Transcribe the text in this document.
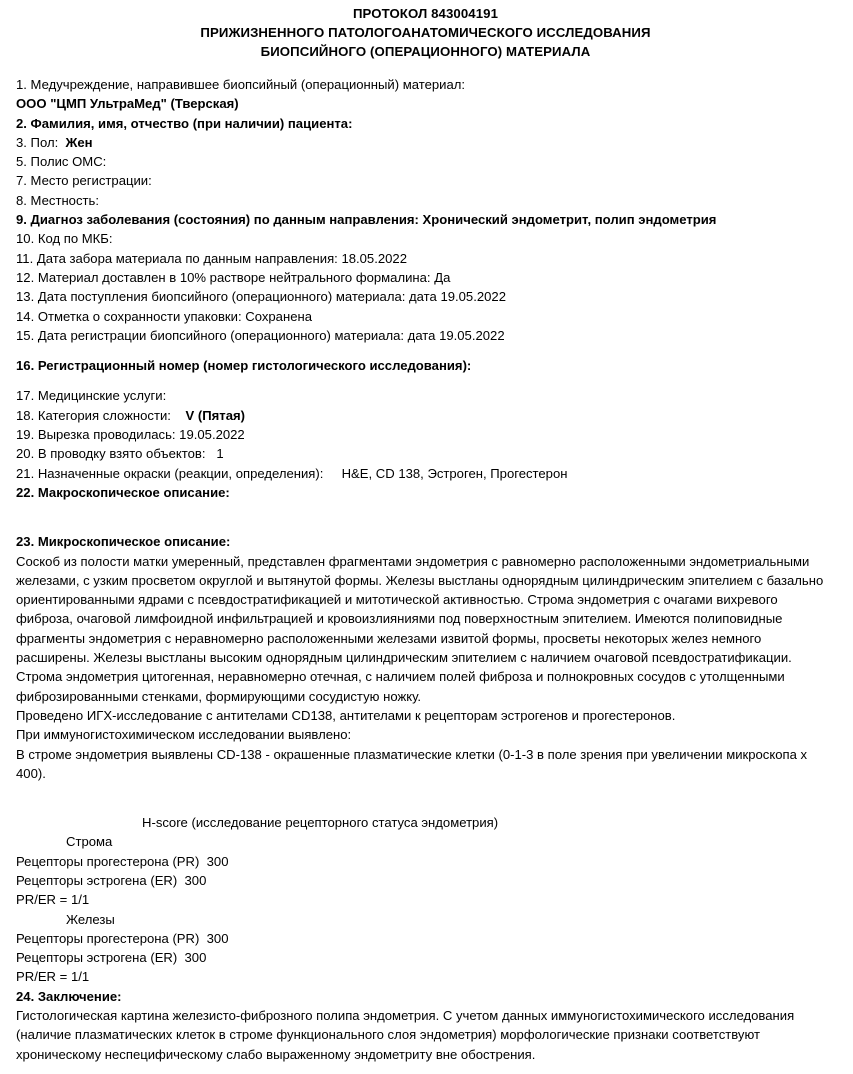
ПРОТОКОЛ 843004191
ПРИЖИЗНЕННОГО ПАТОЛОГОАНАТОМИЧЕСКОГО ИССЛЕДОВАНИЯ
БИОПСИЙНОГО (ОПЕРАЦИОННОГО) МАТЕРИАЛА
1. Медучреждение, направившее биопсийный (операционный) материал:
ООО "ЦМП УльтраМед" (Тверская)
2. Фамилия, имя, отчество (при наличии) пациента:
3. Пол: Жен
5. Полис ОМС:
7. Место регистрации:
8. Местность:
9. Диагноз заболевания (состояния) по данным направления: Хронический эндометрит, полип эндометрия
10. Код по МКБ:
11. Дата забора материала по данным направления: 18.05.2022
12. Материал доставлен в 10% растворе нейтрального формалина: Да
13. Дата поступления биопсийного (операционного) материала: дата 19.05.2022
14. Отметка о сохранности упаковки: Сохранена
15. Дата регистрации биопсийного (операционного) материала: дата 19.05.2022
16. Регистрационный номер (номер гистологического исследования):
17. Медицинские услуги:
18. Категория сложности: V (Пятая)
19. Вырезка проводилась: 19.05.2022
20. В проводку взято объектов:   1
21. Назначенные окраски (реакции, определения):     H&E, CD 138, Эстроген, Прогестерон
22. Макроскопическое описание:
23. Микроскопическое описание:
Соскоб из полости матки умеренный, представлен фрагментами эндометрия с равномерно расположенными эндометриальными железами, с узким просветом округлой и вытянутой формы. Железы выстланы однорядным цилиндрическим эпителием с базально ориентированными ядрами с псевдостратификацией и митотической активностью. Строма эндометрия с очагами вихревого фиброза, очаговой лимфоидной инфильтрацией и кровоизлияниями под поверхностным эпителием. Имеются полиповидные фрагменты эндометрия с неравномерно расположенными железами извитой формы, просветы некоторых желез немного расширены. Железы выстланы высоким однорядным цилиндрическим эпителием с наличием очаговой псевдостратификации. Строма эндометрия цитогенная, неравномерно отечная, с наличием полей фиброза и полнокровных сосудов с утолщенными фиброзированными стенками, формирующими сосудистую ножку.
Проведено ИГХ-исследование с антителами CD138, антителами к рецепторам эстрогенов и прогестеронов.
При иммуногистохимическом исследовании выявлено:
В строме эндометрия выявлены CD-138 - окрашенные плазматические клетки (0-1-3 в поле зрения при увеличении микроскопа х 400).
H-score (исследование рецепторного статуса эндометрия)
Строма
Рецепторы прогестерона (PR)  300
Рецепторы эстрогена (ER)  300
PR/ER = 1/1
Железы
Рецепторы прогестерона (PR)  300
Рецепторы эстрогена (ER)  300
PR/ER = 1/1
24. Заключение:
Гистологическая картина железисто-фиброзного полипа эндометрия. С учетом данных иммуногистохимического исследования (наличие плазматических клеток в строме функционального слоя эндометрия) морфологические признаки соответствуют хроническому неспецифическому слабо выраженному эндометриту вне обострения.
